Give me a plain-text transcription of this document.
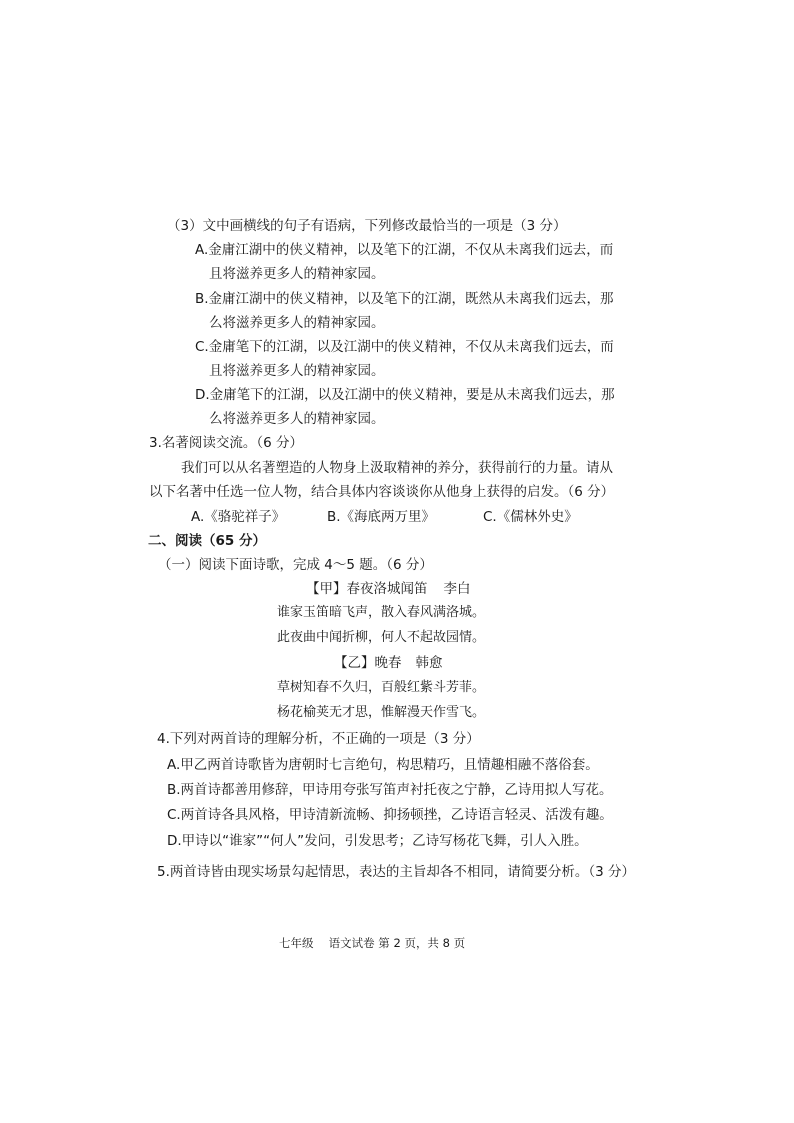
（3）文中画横线的句子有语病，下列修改最恰当的一项是（3 分）
A.金庸江湖中的侠义精神，以及笔下的江湖，不仅从未离我们远去，而
且将滋养更多人的精神家园。
B.金庸江湖中的侠义精神，以及笔下的江湖，既然从未离我们远去，那
么将滋养更多人的精神家园。
C.金庸笔下的江湖，以及江湖中的侠义精神，不仅从未离我们远去，而
且将滋养更多人的精神家园。
D.金庸笔下的江湖，以及江湖中的侠义精神，要是从未离我们远去，那
么将滋养更多人的精神家园。
3.名著阅读交流。（6 分）
我们可以从名著塑造的人物身上汲取精神的养分，获得前行的力量。请从
以下名著中任选一位人物，结合具体内容谈谈你从他身上获得的启发。（6 分）
A.《骆驼祥子》	B.《海底两万里》	C.《儒林外史》
二、阅读（65 分）
（一）阅读下面诗歌，完成 4～5 题。（6 分）
【甲】春夜洛城闻笛 李白
谁家玉笛暗飞声，散入春风满洛城。
此夜曲中闻折柳，何人不起故园情。
【乙】晚春 韩愈
草树知春不久归，百般红紫斗芳菲。
杨花榆荚无才思，惟解漫天作雪飞。
4.下列对两首诗的理解分析，不正确的一项是（3 分）
A.甲乙两首诗歌皆为唐朝时七言绝句，构思精巧，且情趣相融不落俗套。
B.两首诗都善用修辞，甲诗用夸张写笛声衬托夜之宁静，乙诗用拟人写花。
C.两首诗各具风格，甲诗清新流畅、抑扬顿挫，乙诗语言轻灵、活泼有趣。
D.甲诗以“谁家”“何人”发问，引发思考；乙诗写杨花飞舞，引人入胜。
5.两首诗皆由现实场景勾起情思，表达的主旨却各不相同，请简要分析。（3 分）
七年级　 语文试卷 第 2 页，共 8 页
